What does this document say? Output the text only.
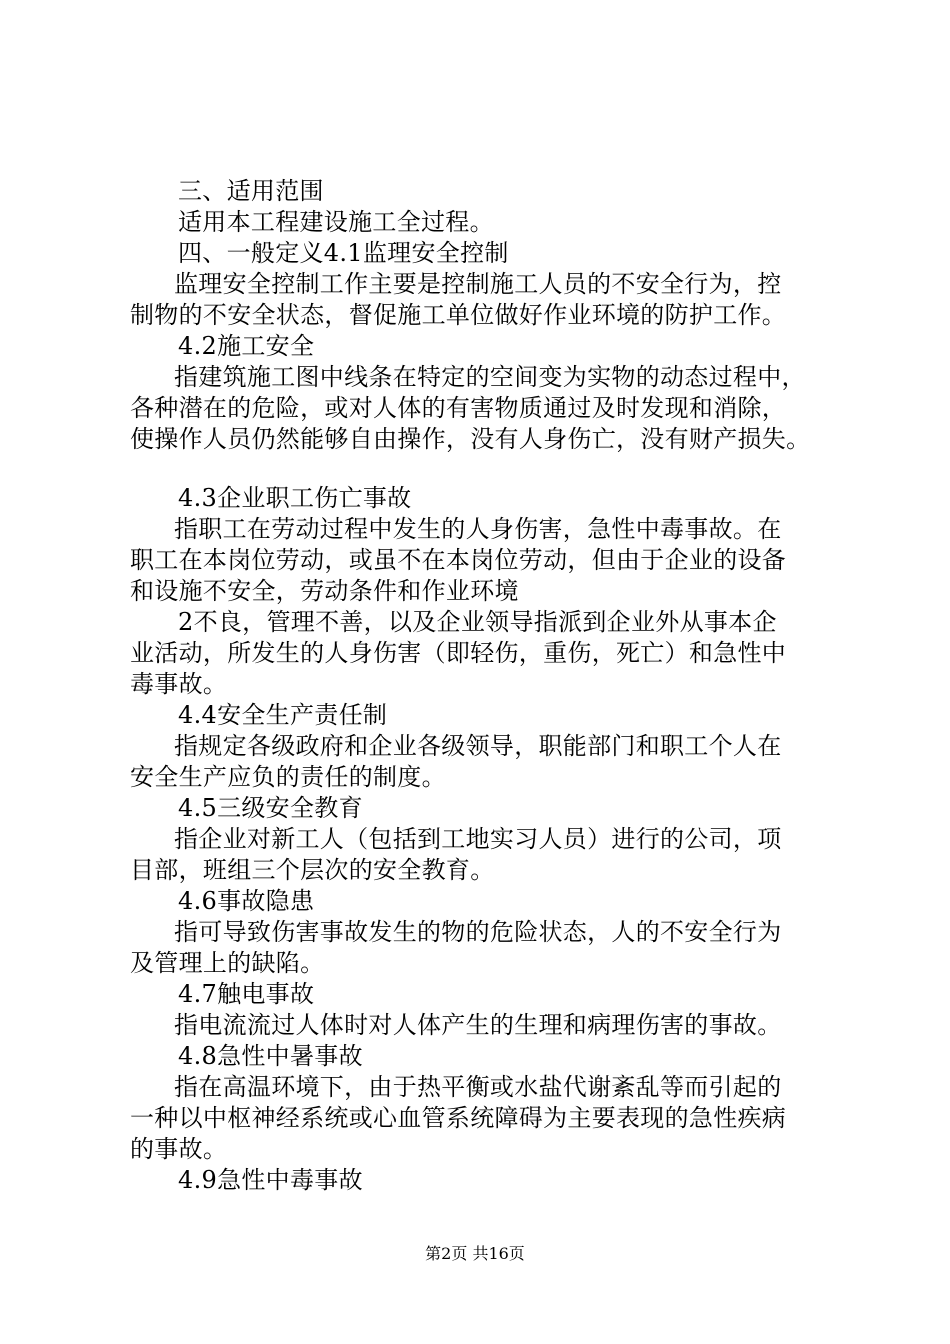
三、适用范围
适用本工程建设施工全过程。
四、一般定义4.1监理安全控制
监理安全控制工作主要是控制施工人员的不安全行为，控
制物的不安全状态，督促施工单位做好作业环境的防护工作。
4.2施工安全
指建筑施工图中线条在特定的空间变为实物的动态过程中，
各种潜在的危险，或对人体的有害物质通过及时发现和消除，
使操作人员仍然能够自由操作，没有人身伤亡，没有财产损失。
4.3企业职工伤亡事故
指职工在劳动过程中发生的人身伤害，急性中毒事故。在
职工在本岗位劳动，或虽不在本岗位劳动，但由于企业的设备
和设施不安全，劳动条件和作业环境
2不良，管理不善，以及企业领导指派到企业外从事本企
业活动，所发生的人身伤害（即轻伤，重伤，死亡）和急性中
毒事故。
4.4安全生产责任制
指规定各级政府和企业各级领导，职能部门和职工个人在
安全生产应负的责任的制度。
4.5三级安全教育
指企业对新工人（包括到工地实习人员）进行的公司，项
目部，班组三个层次的安全教育。
4.6事故隐患
指可导致伤害事故发生的物的危险状态，人的不安全行为
及管理上的缺陷。
4.7触电事故
指电流流过人体时对人体产生的生理和病理伤害的事故。
4.8急性中暑事故
指在高温环境下，由于热平衡或水盐代谢紊乱等而引起的
一种以中枢神经系统或心血管系统障碍为主要表现的急性疾病
的事故。
4.9急性中毒事故
第2页 共16页
